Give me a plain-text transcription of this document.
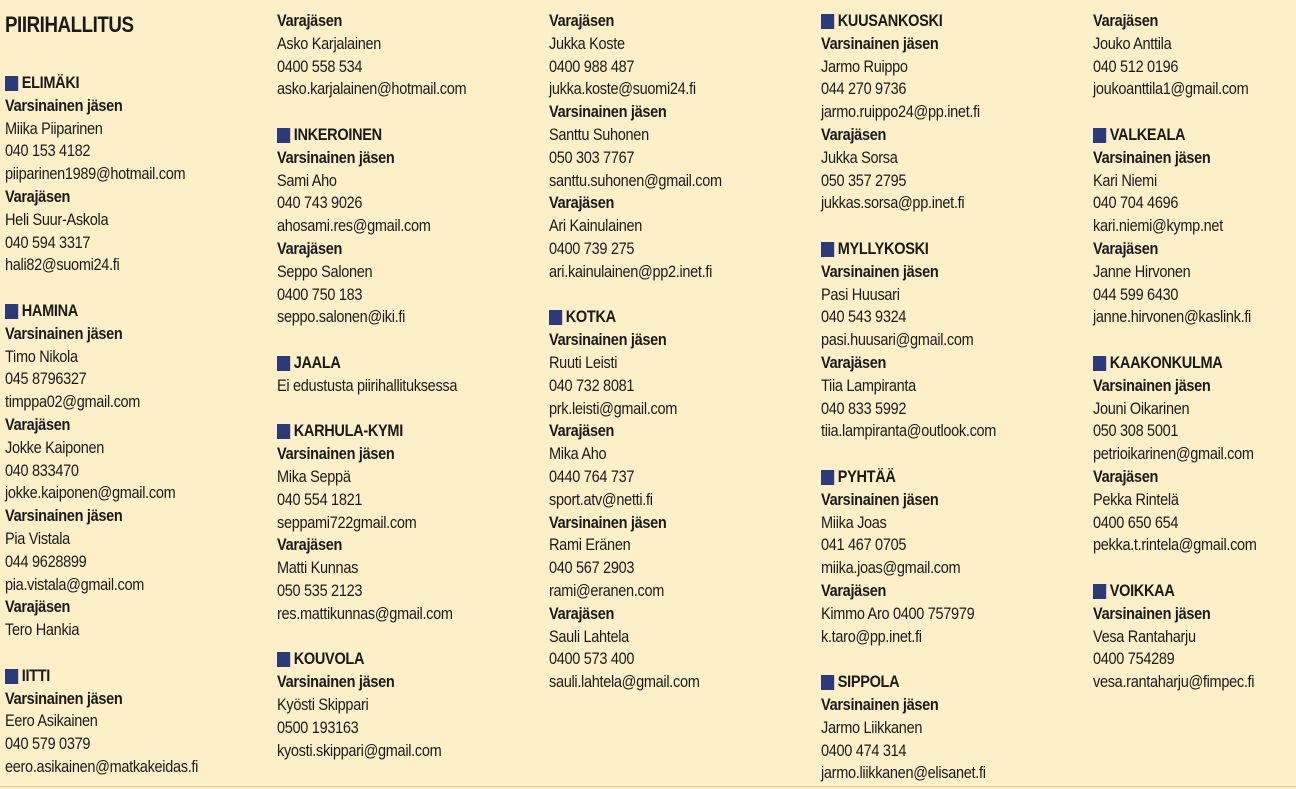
PIIRIHALLITUS
ELIMÄKI
Varsinainen jäsen
Miika Piiparinen
040 153 4182
piiparinen1989@hotmail.com
Varajäsen
Heli Suur-Askola
040 594 3317
hali82@suomi24.fi
HAMINA
Varsinainen jäsen
Timo Nikola
045 8796327
timppa02@gmail.com
Varajäsen
Jokke Kaiponen
040 833470
jokke.kaiponen@gmail.com
Varsinainen jäsen
Pia Vistala
044 9628899
pia.vistala@gmail.com
Varajäsen
Tero Hankia
IITTI
Varsinainen jäsen
Eero Asikainen
040 579 0379
eero.asikainen@matkakeidas.fi
Varajäsen
Asko Karjalainen
0400 558 534
asko.karjalainen@hotmail.com
INKEROINEN
Varsinainen jäsen
Sami Aho
040 743 9026
ahosami.res@gmail.com
Varajäsen
Seppo Salonen
0400 750 183
seppo.salonen@iki.fi
JAALA
Ei edustusta piirihallituksessa
KARHULA-KYMI
Varsinainen jäsen
Mika Seppä
040 554 1821
seppami722gmail.com
Varajäsen
Matti Kunnas
050 535 2123
res.mattikunnas@gmail.com
KOUVOLA
Varsinainen jäsen
Kyösti Skippari
0500 193163
kyosti.skippari@gmail.com
Varajäsen
Jukka Koste
0400 988 487
jukka.koste@suomi24.fi
Varsinainen jäsen
Santtu Suhonen
050 303 7767
santtu.suhonen@gmail.com
Varajäsen
Ari Kainulainen
0400 739 275
ari.kainulainen@pp2.inet.fi
KOTKA
Varsinainen jäsen
Ruuti Leisti
040 732 8081
prk.leisti@gmail.com
Varajäsen
Mika Aho
0440 764 737
sport.atv@netti.fi
Varsinainen jäsen
Rami Eränen
040 567 2903
rami@eranen.com
Varajäsen
Sauli Lahtela
0400 573 400
sauli.lahtela@gmail.com
KUUSANKOSKI
Varsinainen jäsen
Jarmo Ruippo
044 270 9736
jarmo.ruippo24@pp.inet.fi
Varajäsen
Jukka Sorsa
050 357 2795
jukkas.sorsa@pp.inet.fi
MYLLYKOSKI
Varsinainen jäsen
Pasi Huusari
040 543 9324
pasi.huusari@gmail.com
Varajäsen
Tiia Lampiranta
040 833 5992
tiia.lampiranta@outlook.com
PYHTÄÄ
Varsinainen jäsen
Miika Joas
041 467 0705
miika.joas@gmail.com
Varajäsen
Kimmo Aro 0400 757979
k.taro@pp.inet.fi
SIPPOLA
Varsinainen jäsen
Jarmo Liikkanen
0400 474 314
jarmo.liikkanen@elisanet.fi
Varajäsen
Jouko Anttila
040 512 0196
joukoanttila1@gmail.com
VALKEALA
Varsinainen jäsen
Kari Niemi
040 704 4696
kari.niemi@kymp.net
Varajäsen
Janne Hirvonen
044 599 6430
janne.hirvonen@kaslink.fi
KAAKONKULMA
Varsinainen jäsen
Jouni Oikarinen
050 308 5001
petrioikarinen@gmail.com
Varajäsen
Pekka Rintelä
0400 650 654
pekka.t.rintela@gmail.com
VOIKKAA
Varsinainen jäsen
Vesa Rantaharju
0400 754289
vesa.rantaharju@fimpec.fi
